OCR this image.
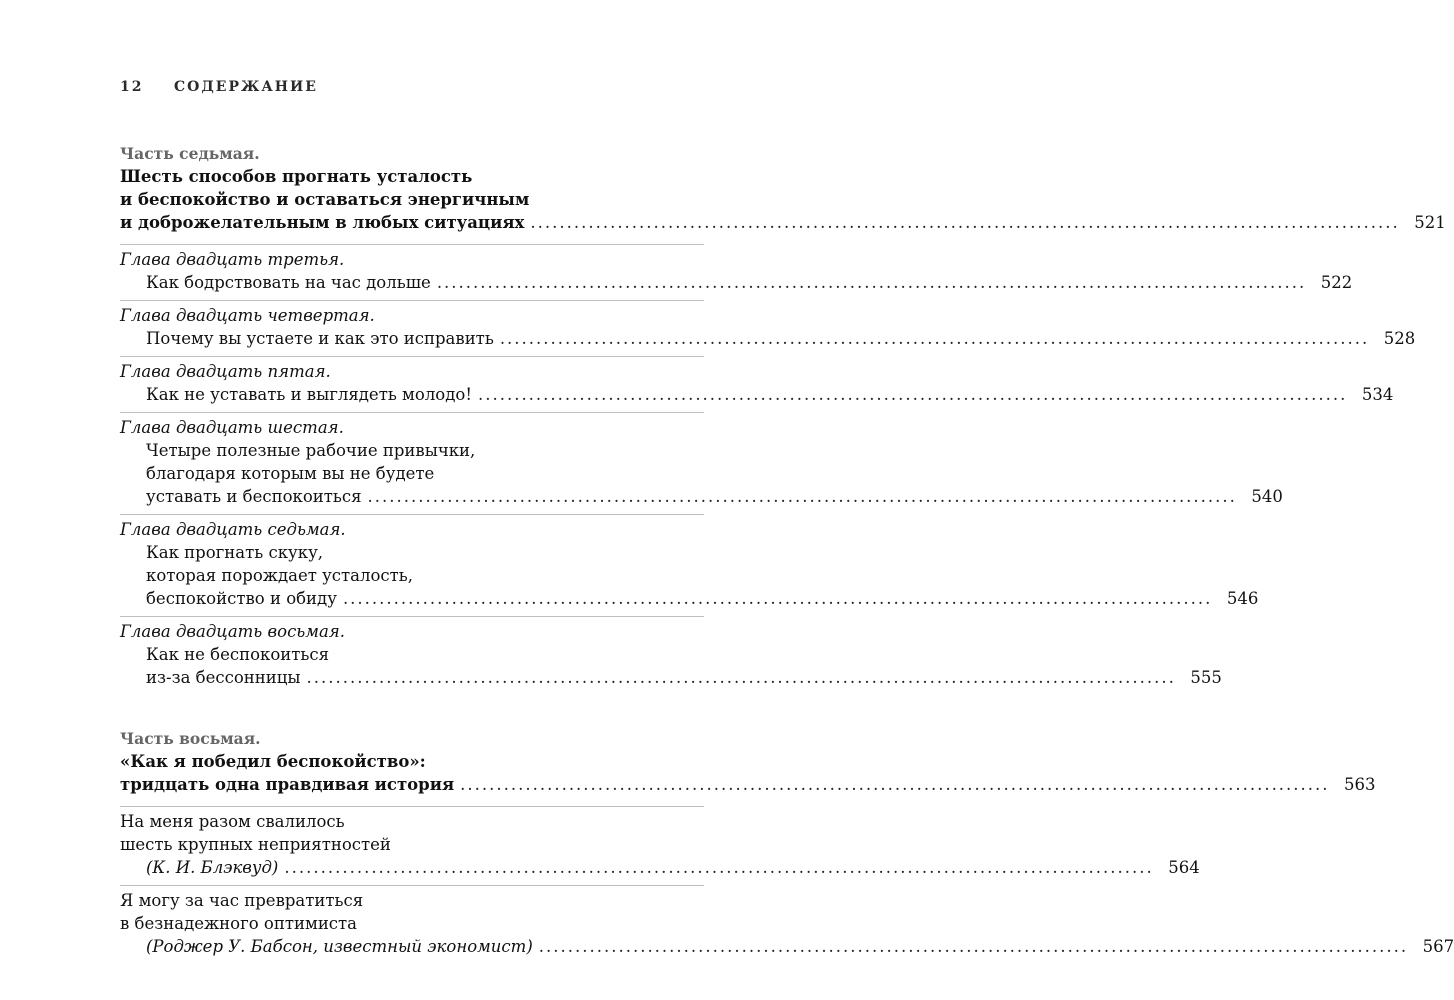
12 СОДЕРЖАНИЕ
Часть седьмая.
Шесть способов прогнать усталость
и беспокойство и оставаться энергичным
и доброжелательным в любых ситуациях ........................................................................................................................ 521
Глава двадцать третья.
Как бодрствовать на час дольше ........................................................................................................................ 522
Глава двадцать четвертая.
Почему вы устаете и как это исправить ........................................................................................................................ 528
Глава двадцать пятая.
Как не уставать и выглядеть молодо! ........................................................................................................................ 534
Глава двадцать шестая.
Четыре полезные рабочие привычки,
благодаря которым вы не будете
уставать и беспокоиться ........................................................................................................................ 540
Глава двадцать седьмая.
Как прогнать скуку,
которая порождает усталость,
беспокойство и обиду ........................................................................................................................ 546
Глава двадцать восьмая.
Как не беспокоиться
из-за бессонницы ........................................................................................................................ 555
Часть восьмая.
«Как я победил беспокойство»:
тридцать одна правдивая история ........................................................................................................................ 563
На меня разом свалилось
шесть крупных неприятностей
(К. И. Блэквуд) ........................................................................................................................ 564
Я могу за час превратиться
в безнадежного оптимиста
(Роджер У. Бабсон, известный экономист) ........................................................................................................................ 567
